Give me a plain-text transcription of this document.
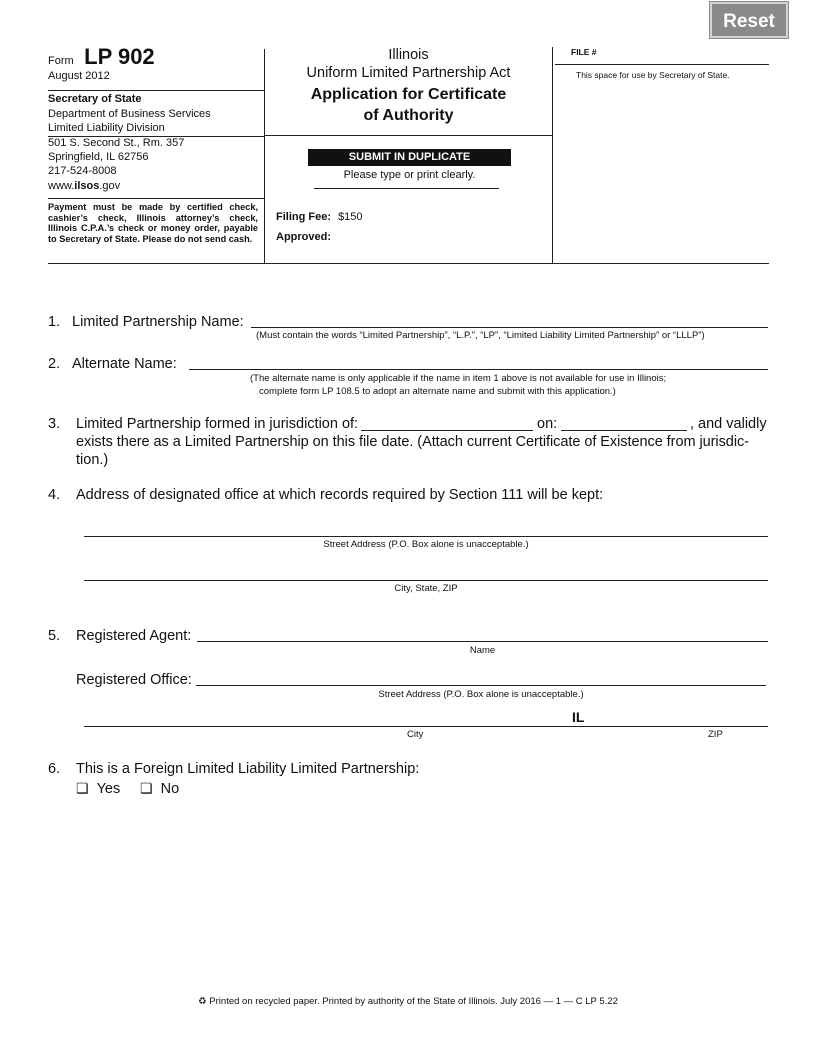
Reset
Form LP 902
August 2012
Secretary of State
Department of Business Services
Limited Liability Division
501 S. Second St., Rm. 357
Springfield, IL 62756
217-524-8008
www.ilsos.gov
Payment must be made by certified check, cashier’s check, Illinois attorney’s check, Illinois C.P.A.’s check or money order, payable to Secretary of State. Please do not send cash.
Illinois
Uniform Limited Partnership Act
Application for Certificate
of Authority
SUBMIT IN DUPLICATE
Please type or print clearly.
Filing Fee: $150
Approved:
FILE #
This space for use by Secretary of State.
1. Limited Partnership Name:
(Must contain the words “Limited Partnership”, “L.P.”, “LP”, “Limited Liability Limited Partnership” or “LLLP”)
2. Alternate Name:
(The alternate name is only applicable if the name in item 1 above is not available for use in Illinois;
complete form LP 108.5 to adopt an alternate name and submit with this application.)
3. Limited Partnership formed in jurisdiction of:	on:	, and validly
exists there as a Limited Partnership on this file date. (Attach current Certificate of Existence from jurisdic-
tion.)
4. Address of designated office at which records required by Section 111 will be kept:
Street Address (P.O. Box alone is unacceptable.)
City, State, ZIP
5. Registered Agent:
Name
Registered Office:
Street Address (P.O. Box alone is unacceptable.)
IL
City	ZIP
6. This is a Foreign Limited Liability Limited Partnership:
❏ Yes ❏ No
♻ Printed on recycled paper. Printed by authority of the State of Illinois. July 2016 — 1 — C LP 5.22
